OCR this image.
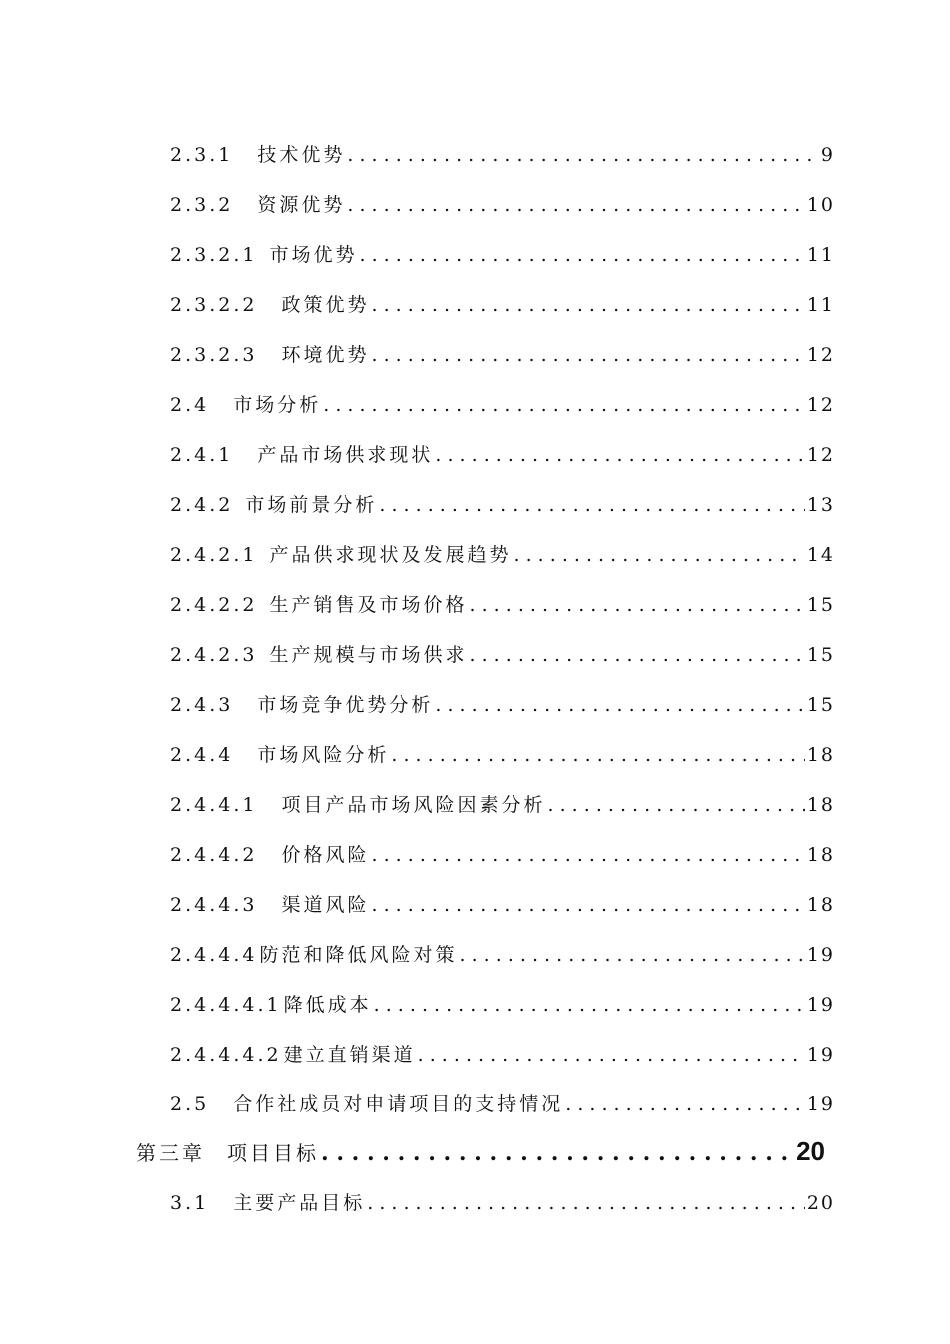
2.3.1 技术优势 . . .	9
2.3.2 资源优势 . . .	10
2.3.2.1 市场优势 . . .	11
2.3.2.2 政策优势 . . .	11
2.3.2.3 环境优势 . . .	12
2.4 市场分析 . . .	12
2.4.1 产品市场供求现状 . . .	12
2.4.2 市场前景分析 . . .	13
2.4.2.1 产品供求现状及发展趋势 . . .	14
2.4.2.2 生产销售及市场价格 . . .	15
2.4.2.3 生产规模与市场供求 . . .	15
2.4.3 市场竞争优势分析 . . .	15
2.4.4 市场风险分析 . . .	18
2.4.4.1 项目产品市场风险因素分析 . . .	18
2.4.4.2 价格风险 . . .	18
2.4.4.3 渠道风险 . . .	18
2.4.4.4 防范和降低风险对策 . . .	19
2.4.4.4.1 降低成本 . . .	19
2.4.4.4.2 建立直销渠道 . . .	19
2.5 合作社成员对申请项目的支持情况 . . .	19
第三章 项目目标 . . .	20
3.1 主要产品目标 . . .	20
